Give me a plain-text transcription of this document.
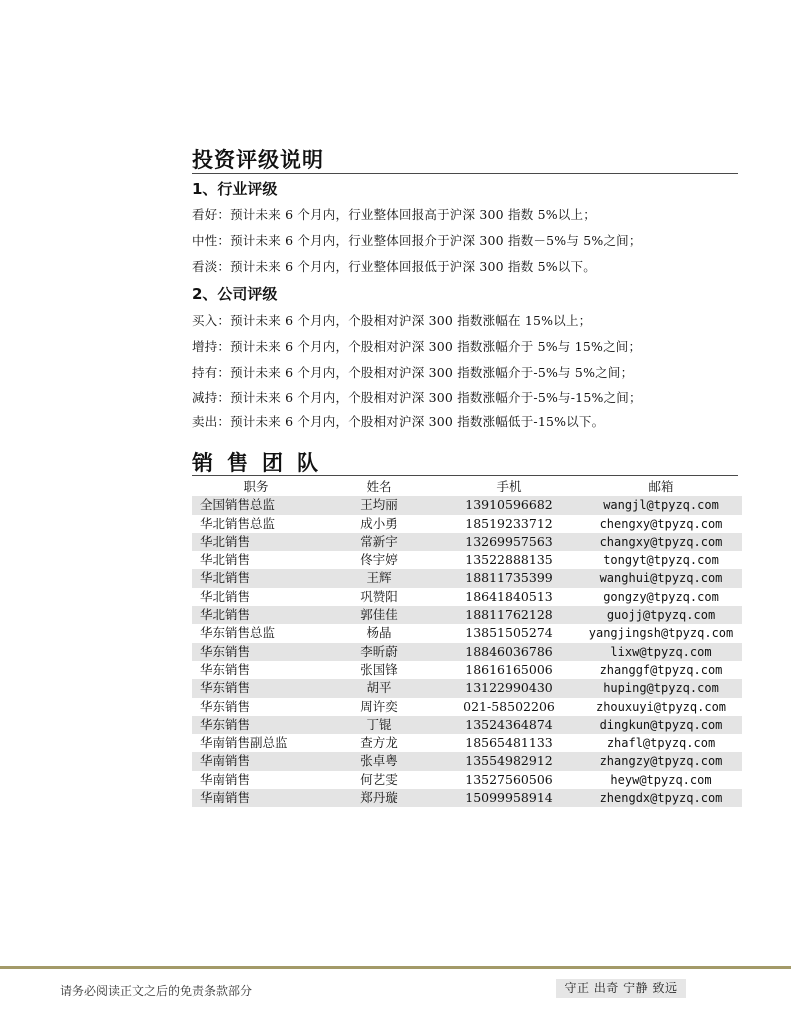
投资评级说明
1、行业评级
看好：预计未来 6 个月内，行业整体回报高于沪深 300 指数 5%以上；
中性：预计未来 6 个月内，行业整体回报介于沪深 300 指数－5%与 5%之间；
看淡：预计未来 6 个月内，行业整体回报低于沪深 300 指数 5%以下。
2、公司评级
买入：预计未来 6 个月内，个股相对沪深 300 指数涨幅在 15%以上；
增持：预计未来 6 个月内，个股相对沪深 300 指数涨幅介于 5%与 15%之间；
持有：预计未来 6 个月内，个股相对沪深 300 指数涨幅介于-5%与 5%之间；
减持：预计未来 6 个月内，个股相对沪深 300 指数涨幅介于-5%与-15%之间；
卖出：预计未来 6 个月内，个股相对沪深 300 指数涨幅低于-15%以下。
销售团队
职务	姓名	手机	邮箱
全国销售总监	王均丽	13910596682	wangjl@tpyzq.com
华北销售总监	成小勇	18519233712	chengxy@tpyzq.com
华北销售	常新宇	13269957563	changxy@tpyzq.com
华北销售	佟宇婷	13522888135	tongyt@tpyzq.com
华北销售	王辉	18811735399	wanghui@tpyzq.com
华北销售	巩赞阳	18641840513	gongzy@tpyzq.com
华北销售	郭佳佳	18811762128	guojj@tpyzq.com
华东销售总监	杨晶	13851505274	yangjingsh@tpyzq.com
华东销售	李昕蔚	18846036786	lixw@tpyzq.com
华东销售	张国锋	18616165006	zhanggf@tpyzq.com
华东销售	胡平	13122990430	huping@tpyzq.com
华东销售	周许奕	021-58502206	zhouxuyi@tpyzq.com
华东销售	丁锟	13524364874	dingkun@tpyzq.com
华南销售副总监	查方龙	18565481133	zhafl@tpyzq.com
华南销售	张卓粤	13554982912	zhangzy@tpyzq.com
华南销售	何艺雯	13527560506	heyw@tpyzq.com
华南销售	郑丹璇	15099958914	zhengdx@tpyzq.com
请务必阅读正文之后的免责条款部分	守正 出奇 宁静 致远
